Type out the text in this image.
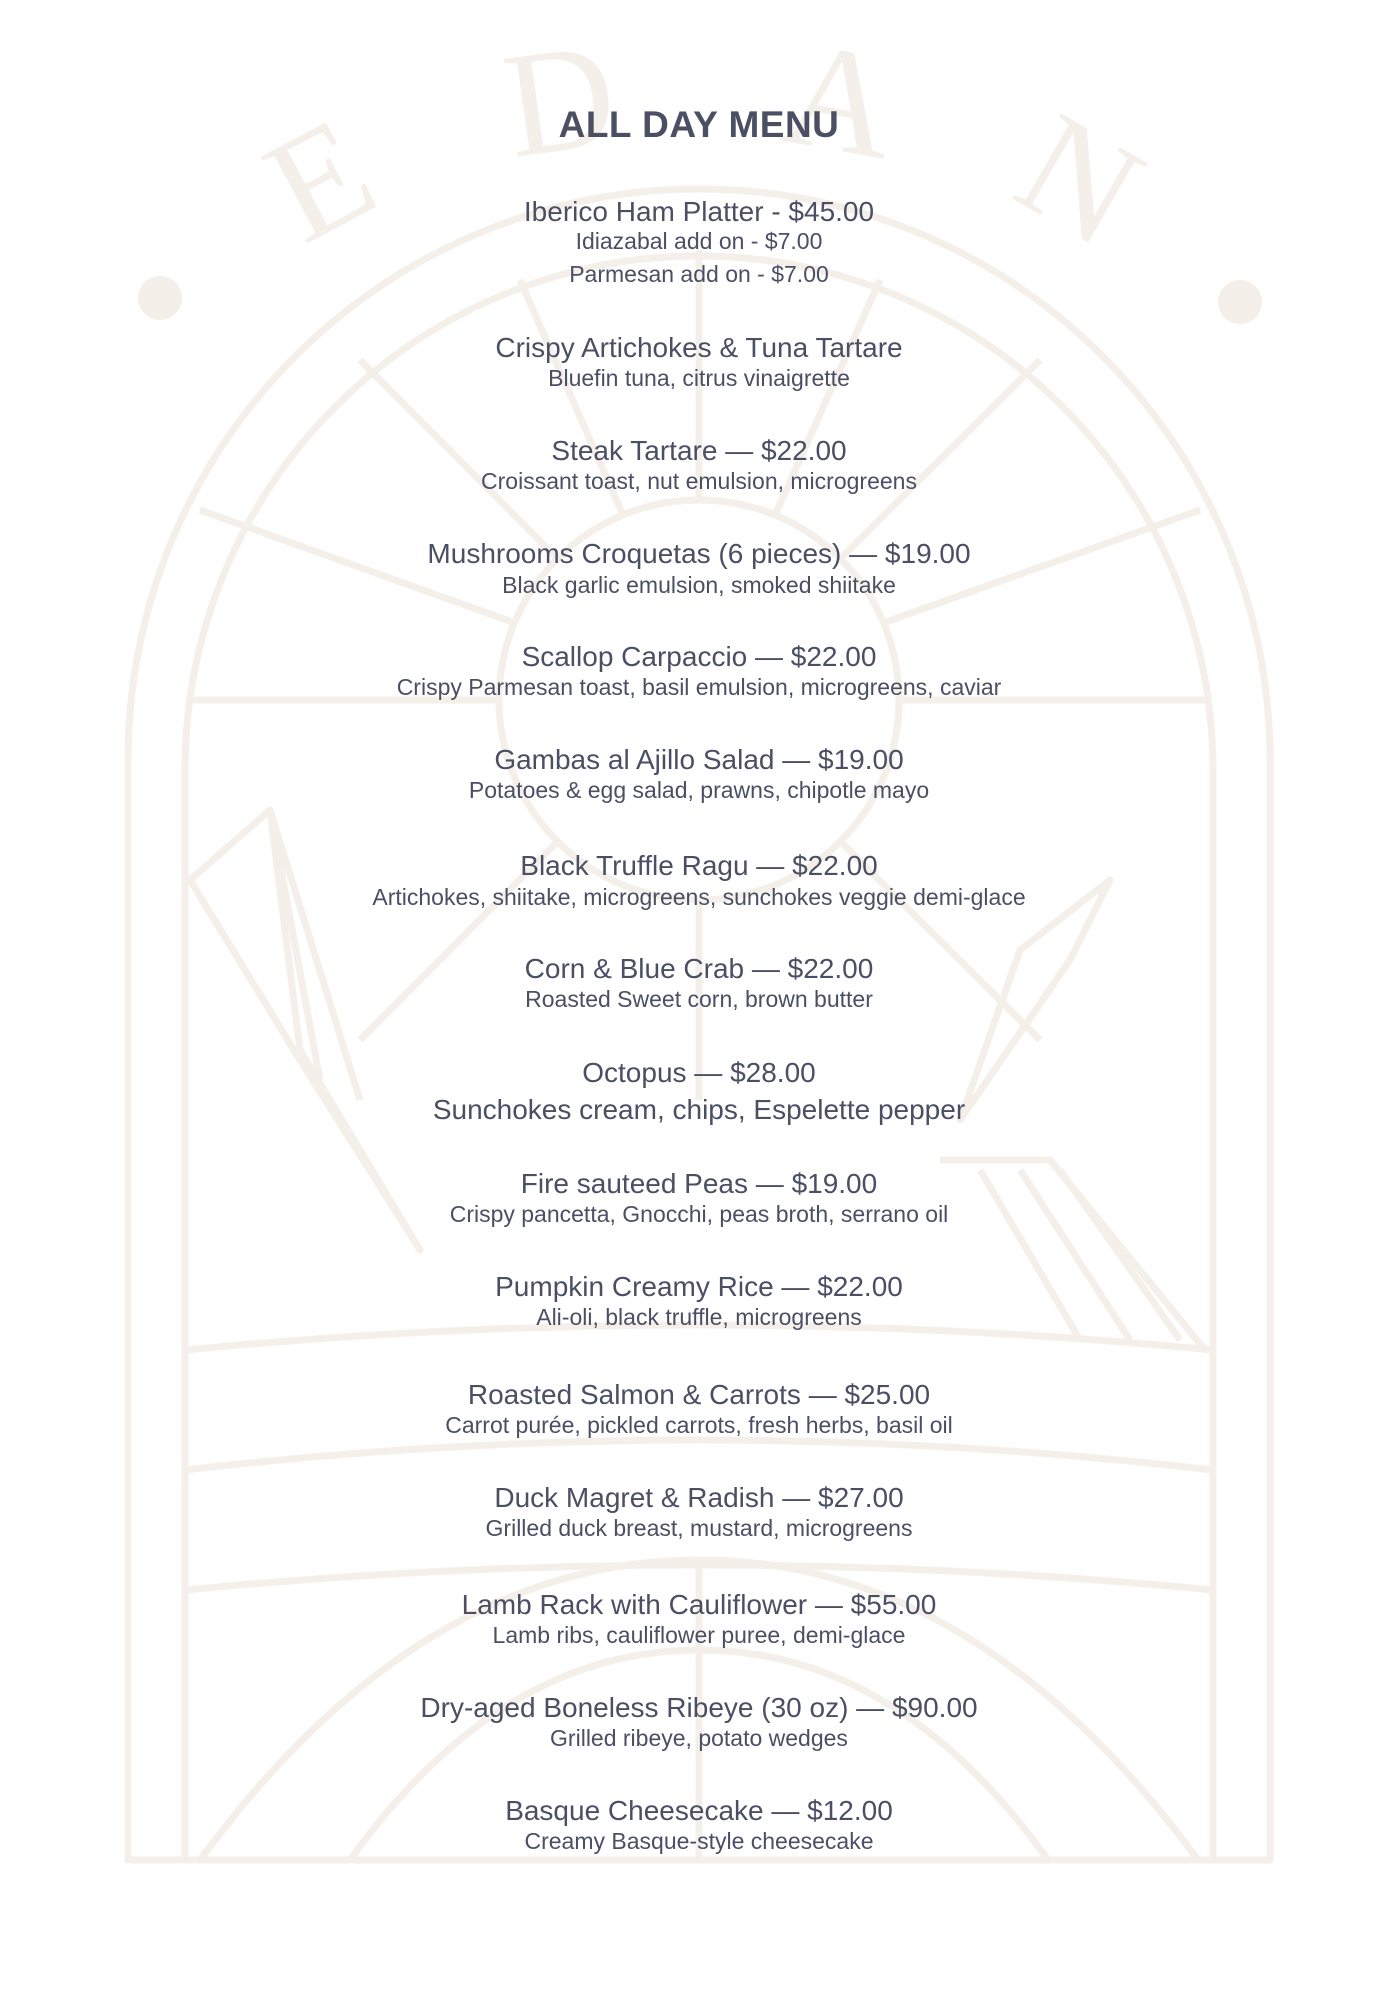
E D A N
ALL DAY MENU

Iberico Ham Platter - $45.00

Idiazabal add on - $7.00

Parmesan add on - $7.00

Crispy Artichokes & Tuna Tartare

Bluefin tuna, citrus vinaigrette

Steak Tartare — $22.00

Croissant toast, nut emulsion, microgreens

Mushrooms Croquetas (6 pieces) — $19.00

Black garlic emulsion, smoked shiitake

Scallop Carpaccio — $22.00

Crispy Parmesan toast, basil emulsion, microgreens, caviar

Gambas al Ajillo Salad — $19.00

Potatoes & egg salad, prawns, chipotle mayo

Black Truffle Ragu — $22.00

Artichokes, shiitake, microgreens, sunchokes veggie demi-glace

Corn & Blue Crab — $22.00

Roasted Sweet corn, brown butter

Octopus — $28.00

Sunchokes cream, chips, Espelette pepper

Fire sauteed Peas — $19.00

Crispy pancetta, Gnocchi, peas broth, serrano oil

Pumpkin Creamy Rice — $22.00

Ali-oli, black truffle, microgreens

Roasted Salmon & Carrots — $25.00

Carrot purée, pickled carrots, fresh herbs, basil oil

Duck Magret & Radish — $27.00

Grilled duck breast, mustard, microgreens

Lamb Rack with Cauliflower — $55.00

Lamb ribs, cauliflower puree, demi-glace

Dry-aged Boneless Ribeye (30 oz) — $90.00

Grilled ribeye, potato wedges

Basque Cheesecake — $12.00

Creamy Basque-style cheesecake
